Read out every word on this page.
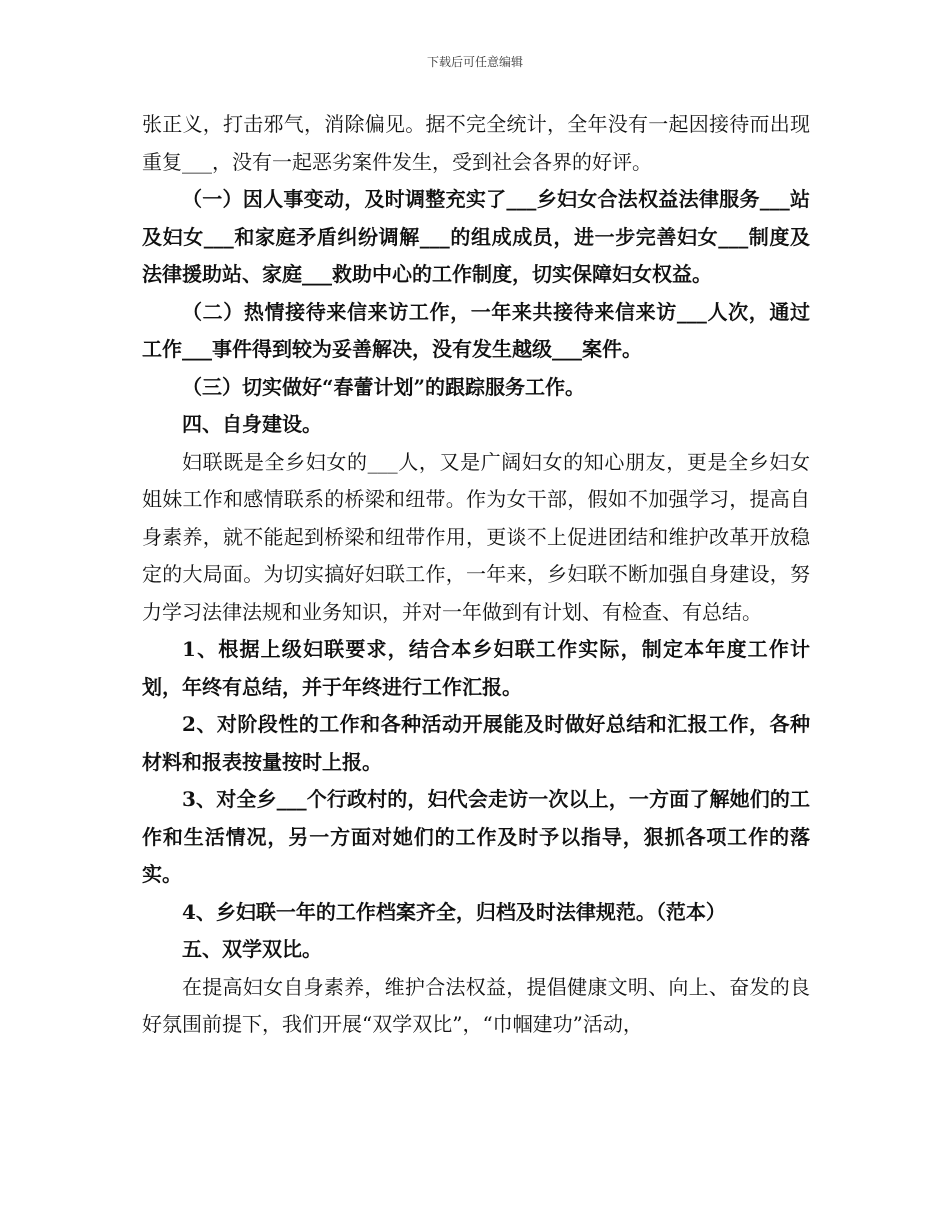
下载后可任意编辑

张正义，打击邪气，消除偏见。据不完全统计，全年没有一起因接待而出现重复___，没有一起恶劣案件发生，受到社会各界的好评。

（一）因人事变动，及时调整充实了___乡妇女合法权益法律服务___站及妇女___和家庭矛盾纠纷调解___的组成成员，进一步完善妇女___制度及法律援助站、家庭___救助中心的工作制度，切实保障妇女权益。

（二）热情接待来信来访工作，一年来共接待来信来访___人次，通过工作___事件得到较为妥善解决，没有发生越级___案件。

（三）切实做好“春蕾计划”的跟踪服务工作。

四、自身建设。

妇联既是全乡妇女的___人，又是广阔妇女的知心朋友，更是全乡妇女姐妹工作和感情联系的桥梁和纽带。作为女干部，假如不加强学习，提高自身素养，就不能起到桥梁和纽带作用，更谈不上促进团结和维护改革开放稳定的大局面。为切实搞好妇联工作，一年来，乡妇联不断加强自身建设，努力学习法律法规和业务知识，并对一年做到有计划、有检查、有总结。

1、根据上级妇联要求，结合本乡妇联工作实际，制定本年度工作计划，年终有总结，并于年终进行工作汇报。

2、对阶段性的工作和各种活动开展能及时做好总结和汇报工作，各种材料和报表按量按时上报。

3、对全乡___个行政村的，妇代会走访一次以上，一方面了解她们的工作和生活情况，另一方面对她们的工作及时予以指导，狠抓各项工作的落实。

4、乡妇联一年的工作档案齐全，归档及时法律规范。（范本）

五、双学双比。

在提高妇女自身素养，维护合法权益，提倡健康文明、向上、奋发的良好氛围前提下，我们开展“双学双比”，“巾帼建功”活动，
